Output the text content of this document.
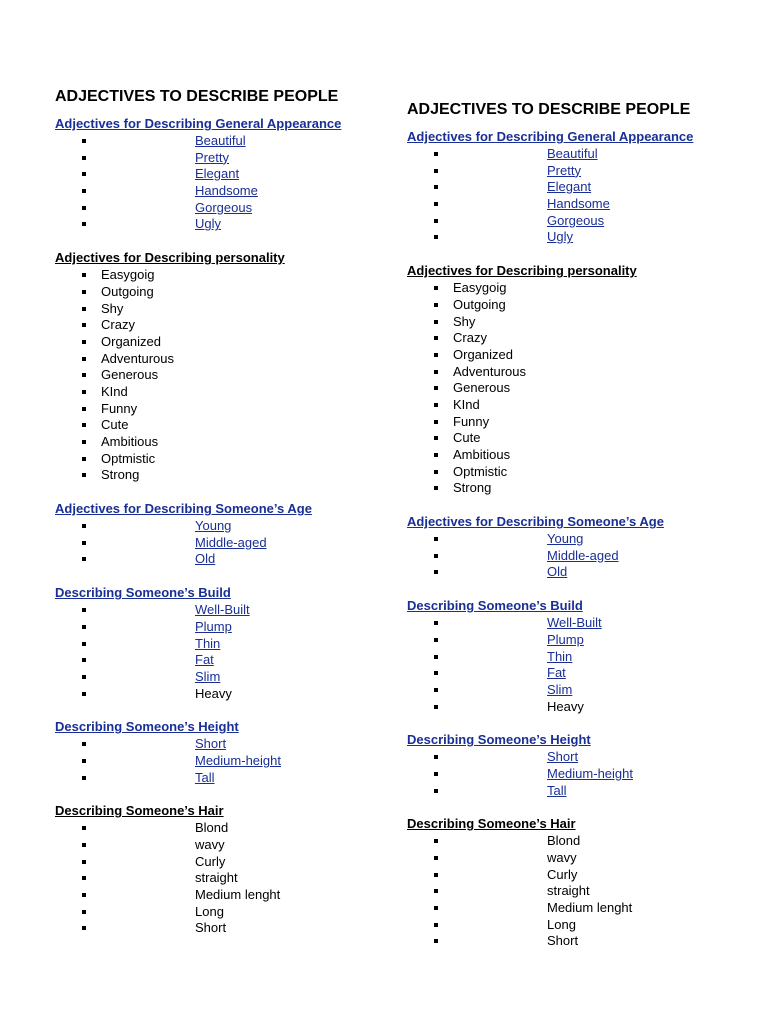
ADJECTIVES TO DESCRIBE PEOPLE
Adjectives for Describing General Appearance
Beautiful
Pretty
Elegant
Handsome
Gorgeous
Ugly
Adjectives for Describing personality
Easygoig
Outgoing
Shy
Crazy
Organized
Adventurous
Generous
KInd
Funny
Cute
Ambitious
Optmistic
Strong
Adjectives for Describing Someone’s Age
Young
Middle-aged
Old
Describing Someone’s Build
Well-Built
Plump
Thin
Fat
Slim
Heavy
Describing Someone’s Height
Short
Medium-height
Tall
Describing Someone’s Hair
Blond
wavy
Curly
straight
Medium lenght
Long
Short
ADJECTIVES TO DESCRIBE PEOPLE
Adjectives for Describing General Appearance
Beautiful
Pretty
Elegant
Handsome
Gorgeous
Ugly
Adjectives for Describing personality
Easygoig
Outgoing
Shy
Crazy
Organized
Adventurous
Generous
KInd
Funny
Cute
Ambitious
Optmistic
Strong
Adjectives for Describing Someone’s Age
Young
Middle-aged
Old
Describing Someone’s Build
Well-Built
Plump
Thin
Fat
Slim
Heavy
Describing Someone’s Height
Short
Medium-height
Tall
Describing Someone’s Hair
Blond
wavy
Curly
straight
Medium lenght
Long
Short
